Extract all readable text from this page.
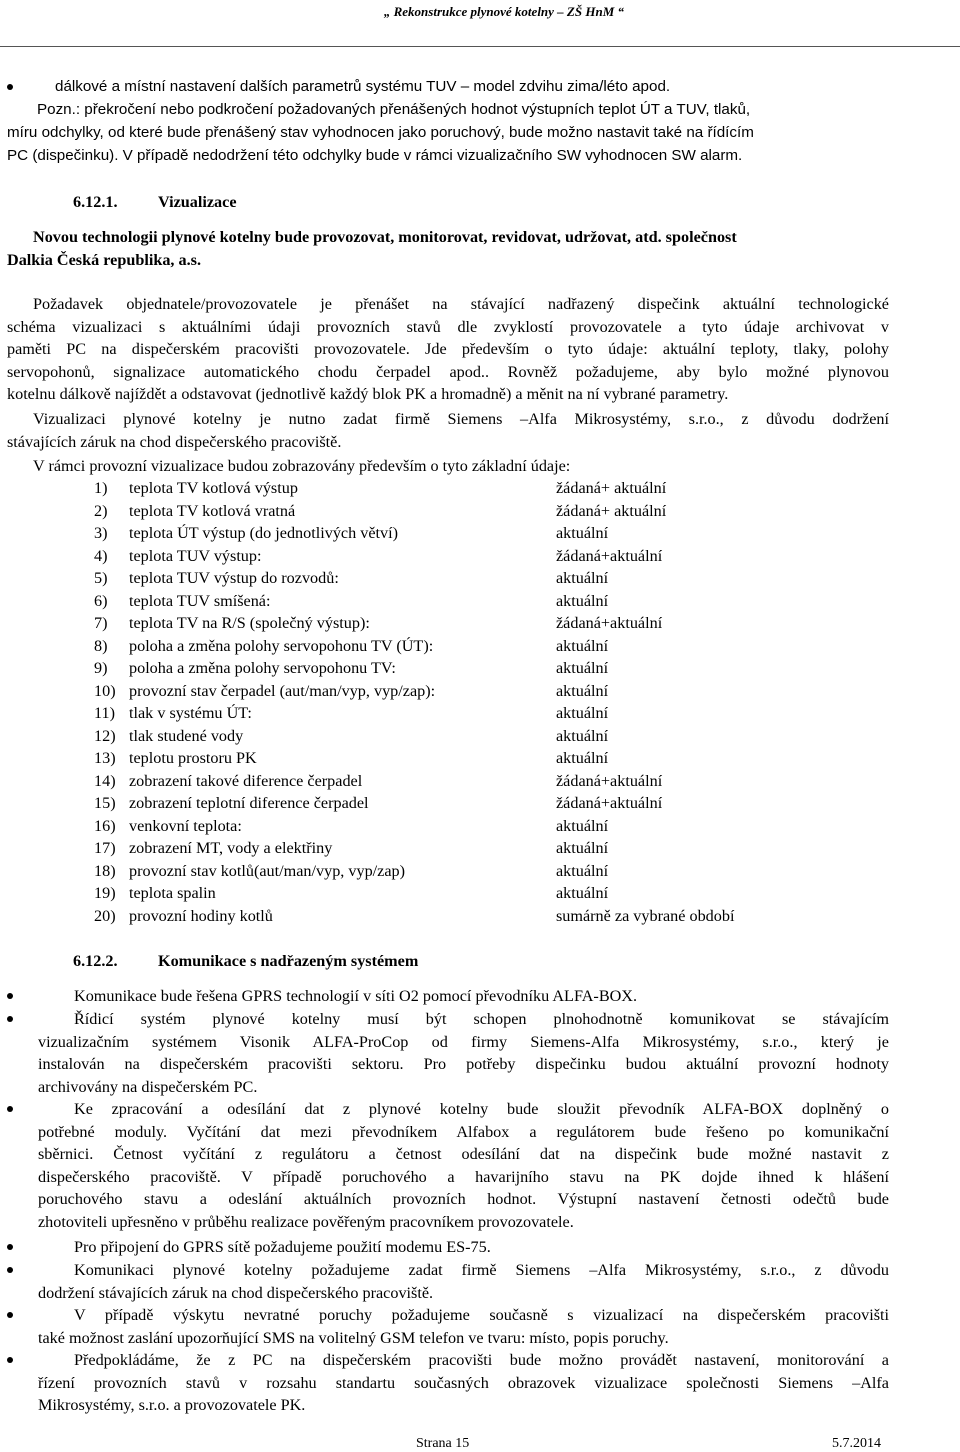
„ Rekonstrukce plynové kotelny – ZŠ HnM “
dálkové a místní nastavení dalších parametrů systému TUV – model zdvihu zima/léto apod.
Pozn.: překročení nebo podkročení požadovaných přenášených hodnot výstupních teplot ÚT a TUV, tlaků,
míru odchylky, od které bude přenášený stav vyhodnocen jako poruchový, bude možno nastavit také na řídícím
PC (dispečinku). V případě nedodržení této odchylky bude v rámci vizualizačního SW vyhodnocen SW alarm.
6.12.1. Vizualizace
Novou technologii plynové kotelny bude provozovat, monitorovat, revidovat, udržovat, atd. společnost
Dalkia Česká republika, a.s.
Požadavek objednatele/provozovatele je přenášet na stávající nadřazený dispečink aktuální technologické
schéma vizualizaci s aktuálními údaji provozních stavů dle zvyklostí provozovatele a tyto údaje archivovat v
paměti PC na dispečerském pracovišti provozovatele. Jde především o tyto údaje: aktuální teploty, tlaky, polohy
servopohonů, signalizace automatického chodu čerpadel apod.. Rovněž požadujeme, aby bylo možné plynovou
kotelnu dálkově najíždět a odstavovat (jednotlivě každý blok PK a hromadně) a měnit na ní vybrané parametry.
Vizualizaci plynové kotelny je nutno zadat firmě Siemens –Alfa Mikrosystémy, s.r.o., z důvodu dodržení
stávajících záruk na chod dispečerského pracoviště.
V rámci provozní vizualizace budou zobrazovány především o tyto základní údaje:
1) teplota TV kotlová výstup	žádaná+ aktuální
2) teplota TV kotlová vratná	žádaná+ aktuální
3) teplota ÚT výstup (do jednotlivých větví)	aktuální
4) teplota TUV výstup:	žádaná+aktuální
5) teplota TUV výstup do rozvodů:	aktuální
6) teplota TUV smíšená:	aktuální
7) teplota TV na R/S (společný výstup):	žádaná+aktuální
8) poloha a změna polohy servopohonu TV (ÚT):	aktuální
9) poloha a změna polohy servopohonu TV:	aktuální
10) provozní stav čerpadel (aut/man/vyp, vyp/zap):	aktuální
11) tlak v systému ÚT:	aktuální
12) tlak studené vody	aktuální
13) teplotu prostoru PK	aktuální
14) zobrazení takové diference čerpadel	žádaná+aktuální
15) zobrazení teplotní diference čerpadel	žádaná+aktuální
16) venkovní teplota:	aktuální
17) zobrazení MT, vody a elektřiny	aktuální
18) provozní stav kotlů(aut/man/vyp, vyp/zap)	aktuální
19) teplota spalin	aktuální
20) provozní hodiny kotlů	sumárně za vybrané období
6.12.2. Komunikace s nadřazeným systémem
Komunikace bude řešena GPRS technologií v síti O2 pomocí převodníku ALFA-BOX.
Řídicí systém plynové kotelny musí být schopen plnohodnotně komunikovat se stávajícím
vizualizačním systémem Visonik ALFA-ProCop od firmy Siemens-Alfa Mikrosystémy, s.r.o., který je
instalován na dispečerském pracovišti sektoru. Pro potřeby dispečinku budou aktuální provozní hodnoty
archivovány na dispečerském PC.
Ke zpracování a odesílání dat z plynové kotelny bude sloužit převodník ALFA-BOX doplněný o
potřebné moduly. Vyčítání dat mezi převodníkem Alfabox a regulátorem bude řešeno po komunikační
sběrnici. Četnost vyčítání z regulátoru a četnost odesílání dat na dispečink bude možné nastavit z
dispečerského pracoviště. V případě poruchového a havarijního stavu na PK dojde ihned k hlášení
poruchového stavu a odeslání aktuálních provozních hodnot. Výstupní nastavení četnosti odečtů bude
zhotoviteli upřesněno v průběhu realizace pověřeným pracovníkem provozovatele.
Pro připojení do GPRS sítě požadujeme použití modemu ES-75.
Komunikaci plynové kotelny požadujeme zadat firmě Siemens –Alfa Mikrosystémy, s.r.o., z důvodu
dodržení stávajících záruk na chod dispečerského pracoviště.
V případě výskytu nevratné poruchy požadujeme současně s vizualizací na dispečerském pracovišti
také možnost zaslání upozorňující SMS na volitelný GSM telefon ve tvaru: místo, popis poruchy.
Předpokládáme, že z PC na dispečerském pracovišti bude možno provádět nastavení, monitorování a
řízení provozních stavů v rozsahu standartu současných obrazovek vizualizace společnosti Siemens –Alfa
Mikrosystémy, s.r.o. a provozovatele PK.
Strana 15	5.7.2014
